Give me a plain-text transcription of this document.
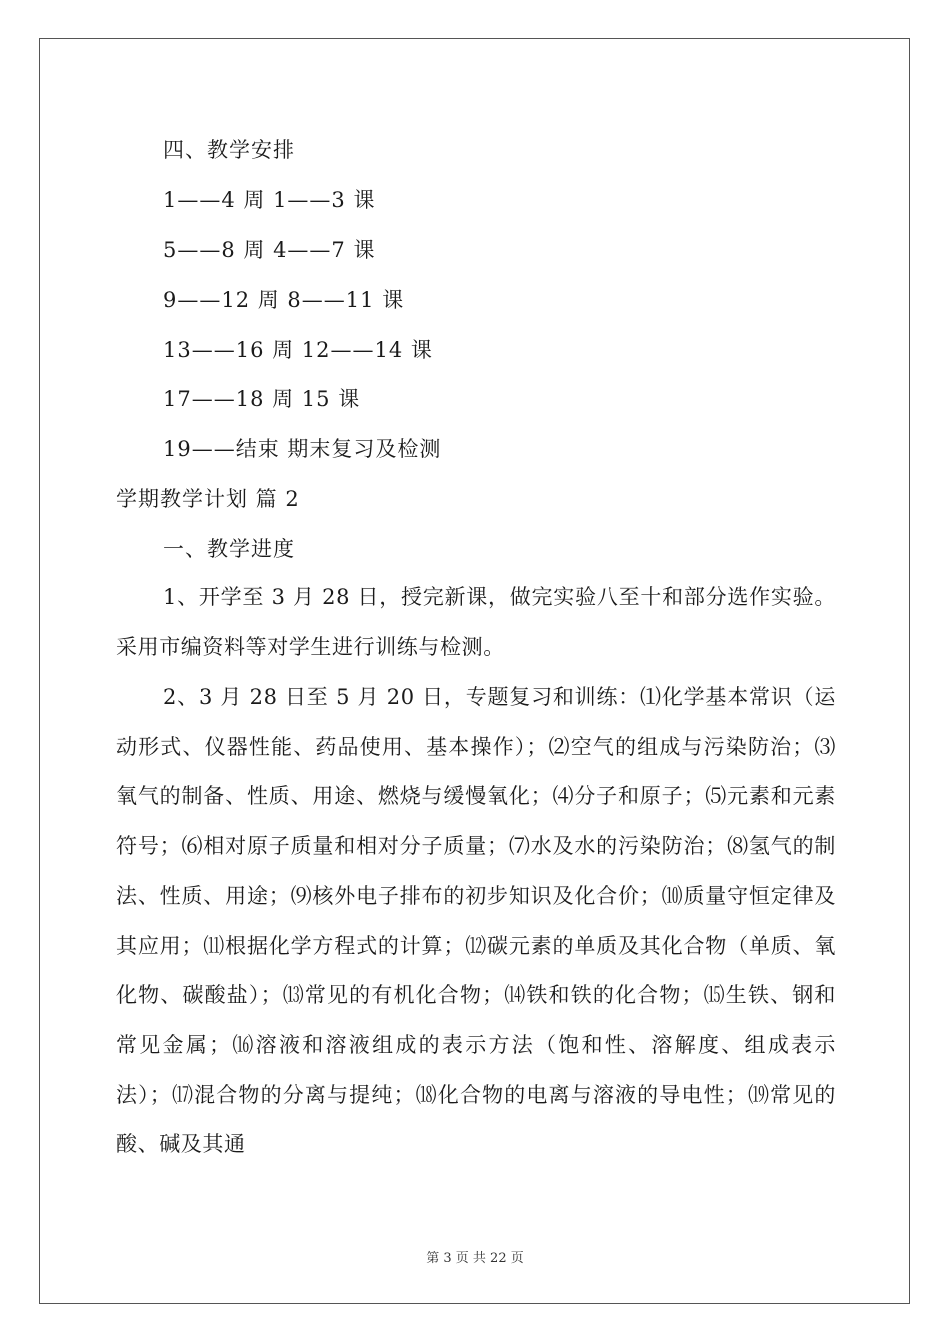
四、教学安排
1——4 周 1——3 课
5——8 周 4——7 课
9——12 周 8——11 课
13——16 周 12——14 课
17——18 周 15 课
19——结束 期末复习及检测
学期教学计划 篇 2
一、教学进度
1、开学至 3 月 28 日，授完新课，做完实验八至十和部分选作实验。采用市编资料等对学生进行训练与检测。
2、3 月 28 日至 5 月 20 日，专题复习和训练：⑴化学基本常识（运动形式、仪器性能、药品使用、基本操作）；⑵空气的组成与污染防治；⑶氧气的制备、性质、用途、燃烧与缓慢氧化；⑷分子和原子；⑸元素和元素符号；⑹相对原子质量和相对分子质量；⑺水及水的污染防治；⑻氢气的制法、性质、用途；⑼核外电子排布的初步知识及化合价；⑽质量守恒定律及其应用；⑾根据化学方程式的计算；⑿碳元素的单质及其化合物（单质、氧化物、碳酸盐）；⒀常见的有机化合物；⒁铁和铁的化合物；⒂生铁、钢和常见金属；⒃溶液和溶液组成的表示方法（饱和性、溶解度、组成表示法）；⒄混合物的分离与提纯；⒅化合物的电离与溶液的导电性；⒆常见的酸、碱及其通
第 3 页 共 22 页
